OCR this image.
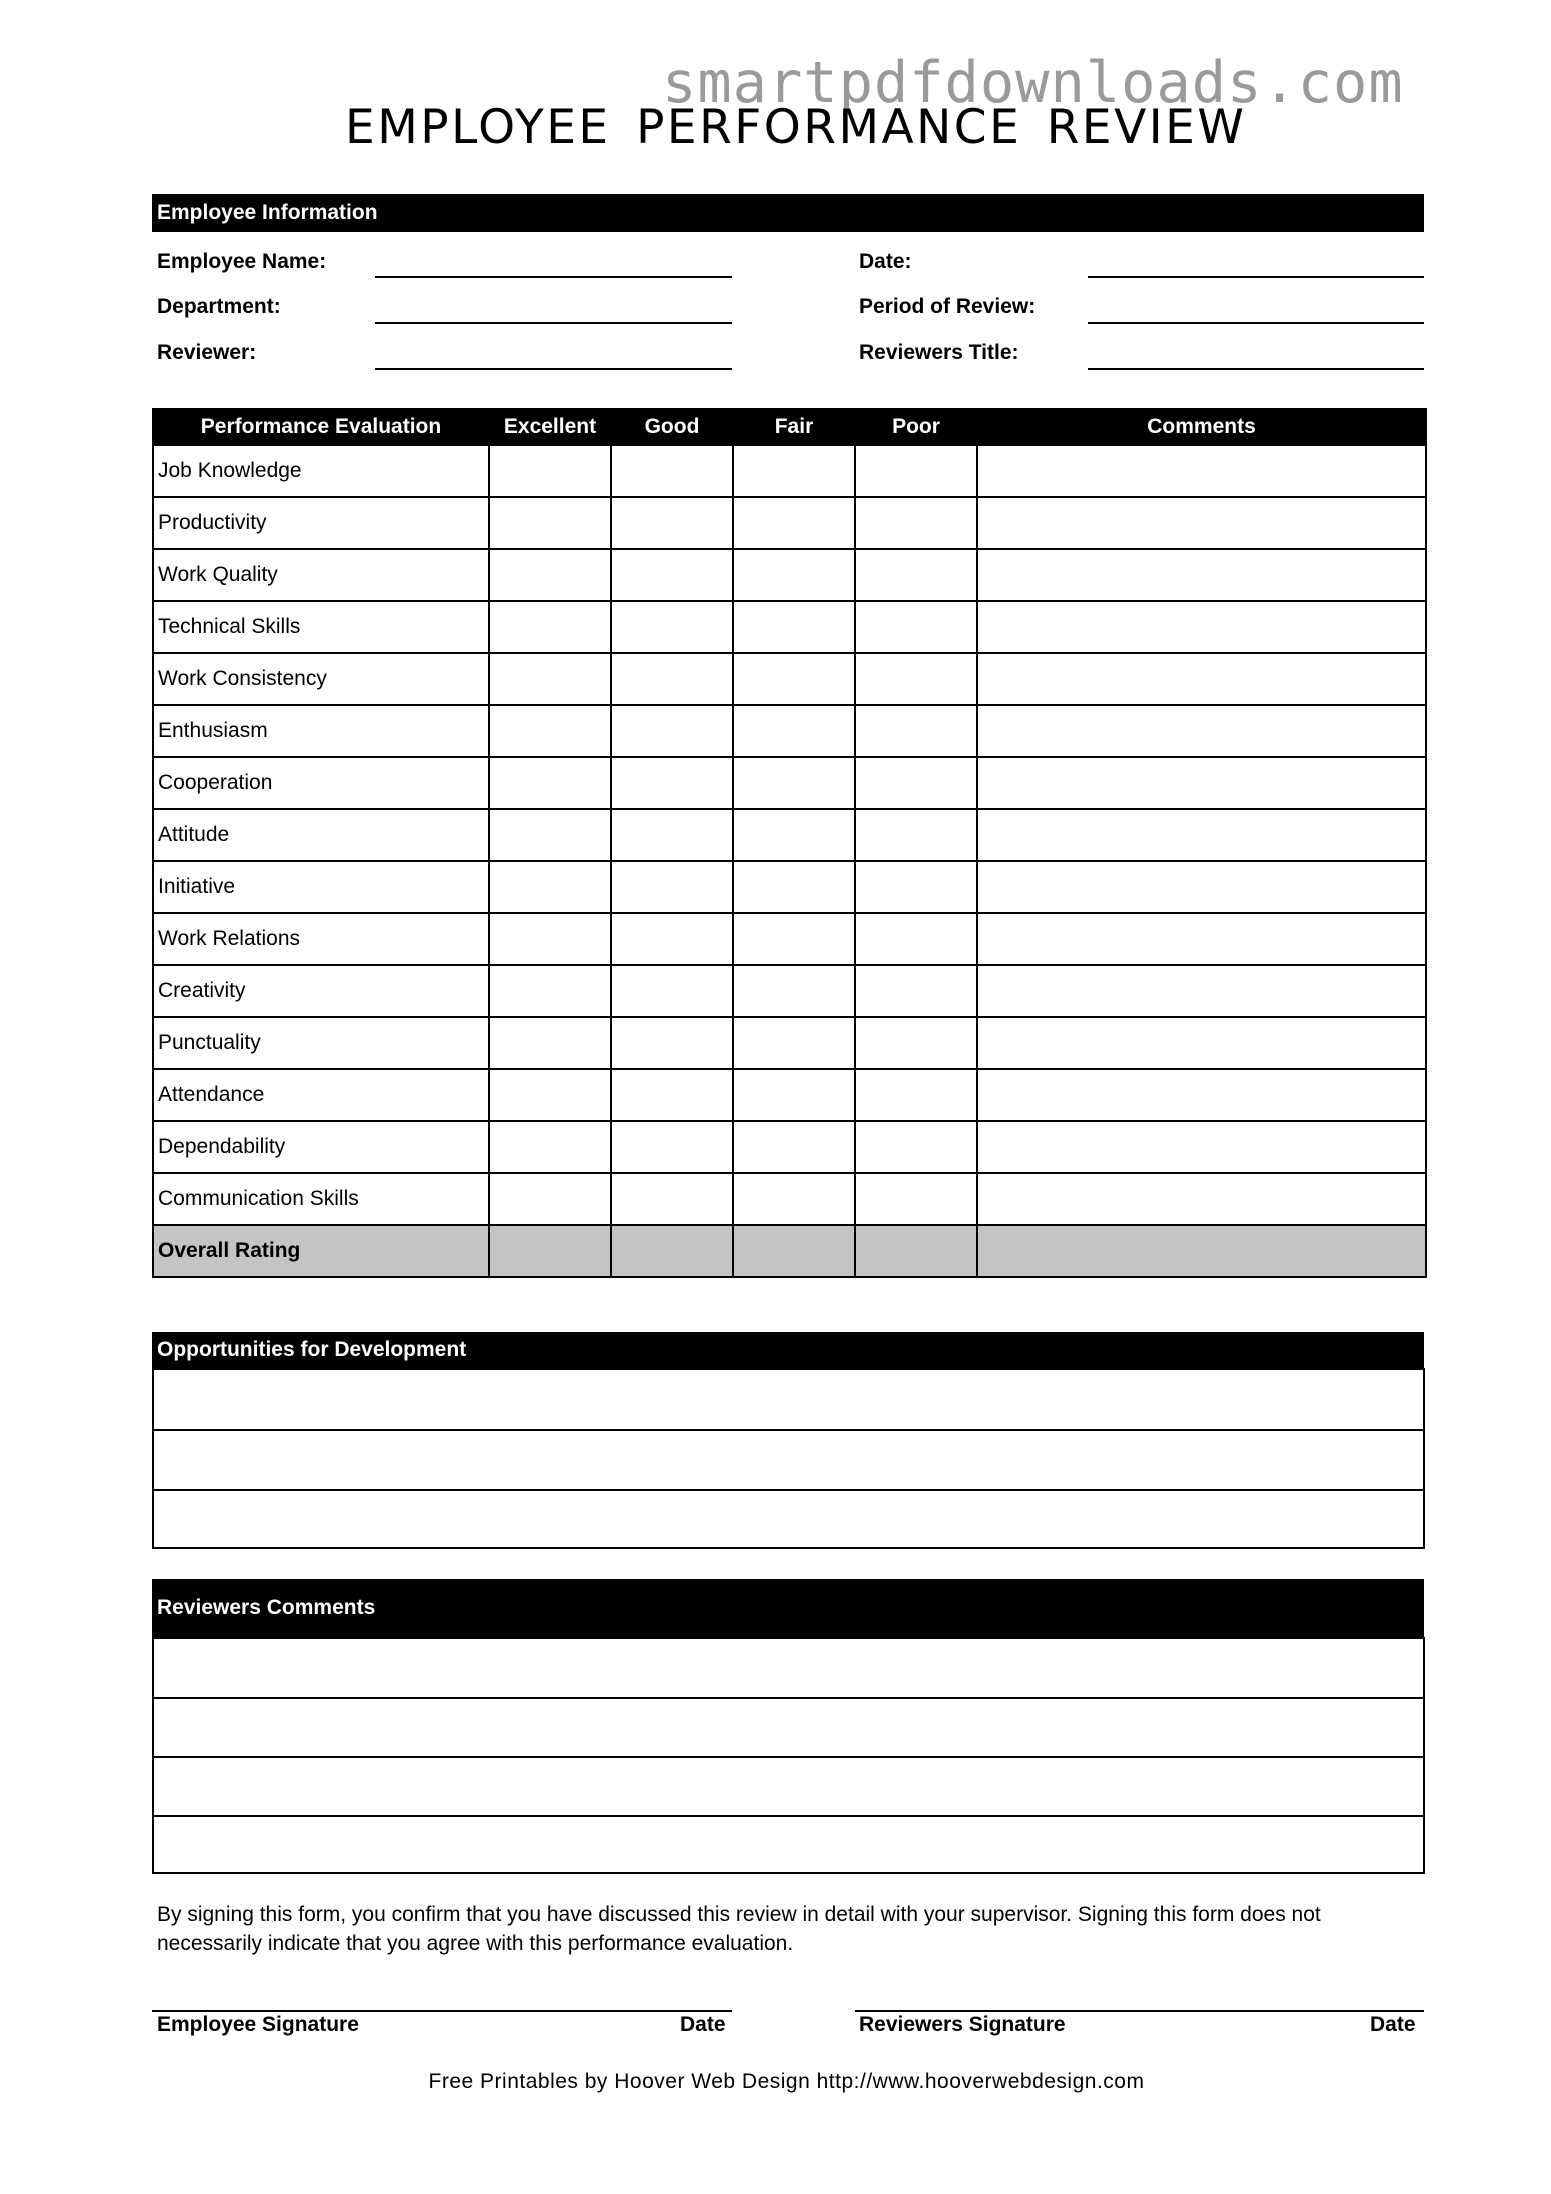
smartpdfdownloads.com
EMPLOYEE PERFORMANCE REVIEW
Employee Information
Employee Name:
Department:
Reviewer:
Date:
Period of Review:
Reviewers Title:
Performance Evaluation	Excellent	Good	Fair	Poor	Comments
Job Knowledge					
Productivity					
Work Quality					
Technical Skills					
Work Consistency					
Enthusiasm					
Cooperation					
Attitude					
Initiative					
Work Relations					
Creativity					
Punctuality					
Attendance					
Dependability					
Communication Skills					
Overall Rating					
Opportunities for Development
Reviewers Comments
By signing this form, you confirm that you have discussed this review in detail with your supervisor. Signing this form does not necessarily indicate that you agree with this performance evaluation.
Employee Signature	Date	Reviewers Signature	Date
Free Printables by Hoover Web Design http://www.hooverwebdesign.com
